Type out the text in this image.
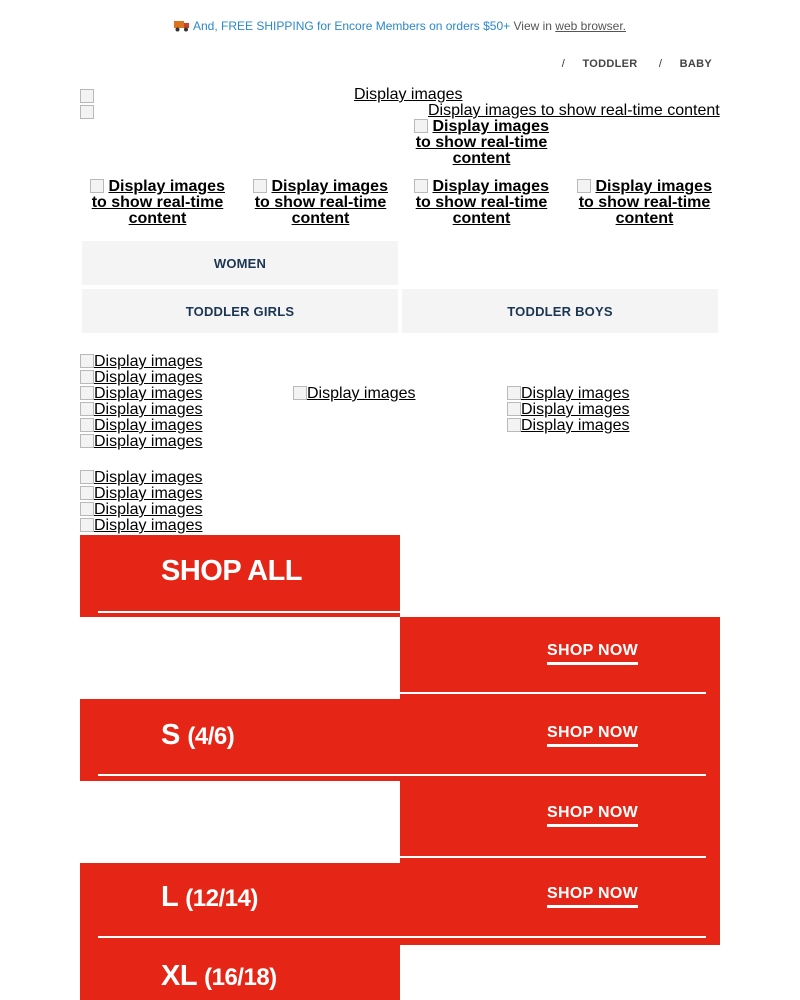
And, FREE SHIPPING for Encore Members on orders $50+ View in web browser.
/ TODDLER / BABY
Display images
Display images to show real-time content
Display images
to show real-time
content
Display images
to show real-time
content
Display images
to show real-time
content
Display images
to show real-time
content
Display images
to show real-time
content
WOMEN
TODDLER GIRLS	TODDLER BOYS
Display images
Display images
Display images
Display images
Display images
Display images
Display images	Display images
Display images
Display images
Display images
Display images
Display images
Display images
SHOP ALL
SHOP NOW
S (4/6)	SHOP NOW
SHOP NOW
L (12/14)	SHOP NOW
XL (16/18)
